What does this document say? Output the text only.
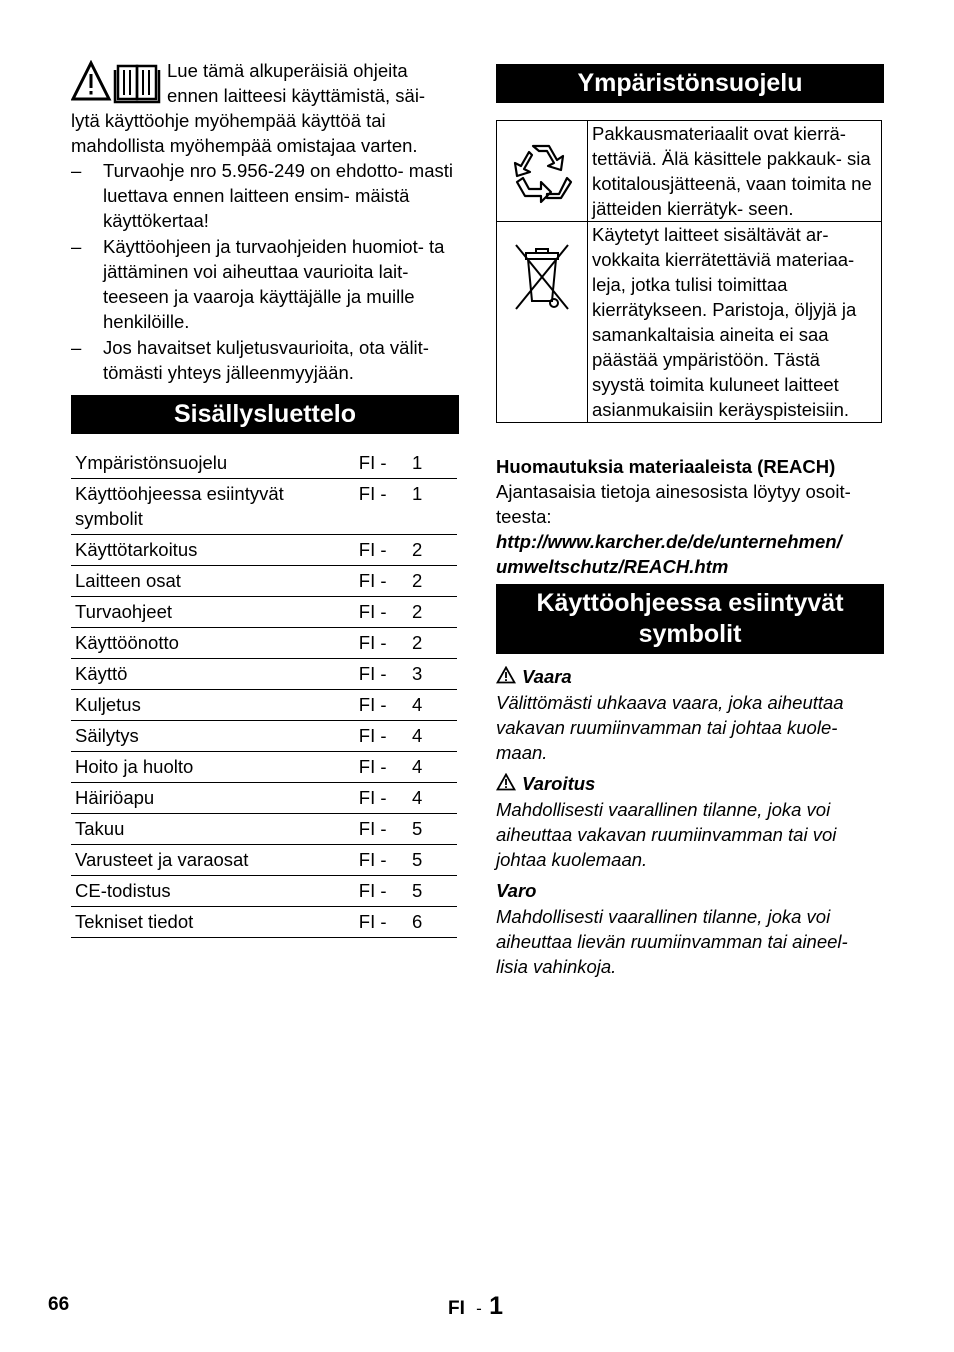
Lue tämä alkuperäisiä ohjeita

ennen laitteesi käyttämistä, säi-

lytä käyttöohje myöhempää käyttöä tai mahdollista myöhempää omistajaa varten.

– Turvaohje nro 5.956-249 on ehdotto- masti luettava ennen laitteen ensim- mäistä käyttökertaa!
– Käyttöohjeen ja turvaohjeiden huomiot- ta jättäminen voi aiheuttaa vaurioita lait- teeseen ja vaaroja käyttäjälle ja muille henkilöille.
– Jos havaitset kuljetusvaurioita, ota välit- tömästi yhteys jälleenmyyjään.
Sisällysluettelo
Ympäristönsuojelu	FI -	1
Käyttöohjeessa esiintyvät symbolit	FI -	1
Käyttötarkoitus	FI -	2
Laitteen osat	FI -	2
Turvaohjeet	FI -	2
Käyttöönotto	FI -	2
Käyttö	FI -	3
Kuljetus	FI -	4
Säilytys	FI -	4
Hoito ja huolto	FI -	4
Häiriöapu	FI -	4
Takuu	FI -	5
Varusteet ja varaosat	FI -	5
CE-todistus	FI -	5
Tekniset tiedot	FI -	6
Ympäristönsuojelu
	Pakkausmateriaalit ovat kierrä- tettäviä. Älä käsittele pakkauk- sia kotitalousjätteenä, vaan toimita ne jätteiden kierrätyk- seen.
	Käytetyt laitteet sisältävät ar- vokkaita kierrätettäviä materiaa- leja, jotka tulisi toimittaa kierrätykseen. Paristoja, öljyjä ja samankaltaisia aineita ei saa päästää ympäristöön. Tästä syystä toimita kuluneet laitteet asianmukaisiin keräyspisteisiin.

Huomautuksia materiaaleista (REACH)

Ajantasaisia tietoja ainesosista löytyy osoit- teesta:

http://www.karcher.de/de/unternehmen/ umweltschutz/REACH.htm

Käyttöohjeessa esiintyvät symbolit

Vaara

Välittömästi uhkaava vaara, joka aiheuttaa vakavan ruumiinvamman tai johtaa kuole- maan.

Varoitus

Mahdollisesti vaarallinen tilanne, joka voi aiheuttaa vakavan ruumiinvamman tai voi johtaa kuolemaan.

Varo

Mahdollisesti vaarallinen tilanne, joka voi aiheuttaa lievän ruumiinvamman tai aineel- lisia vahinkoja.

66	FI - 1
